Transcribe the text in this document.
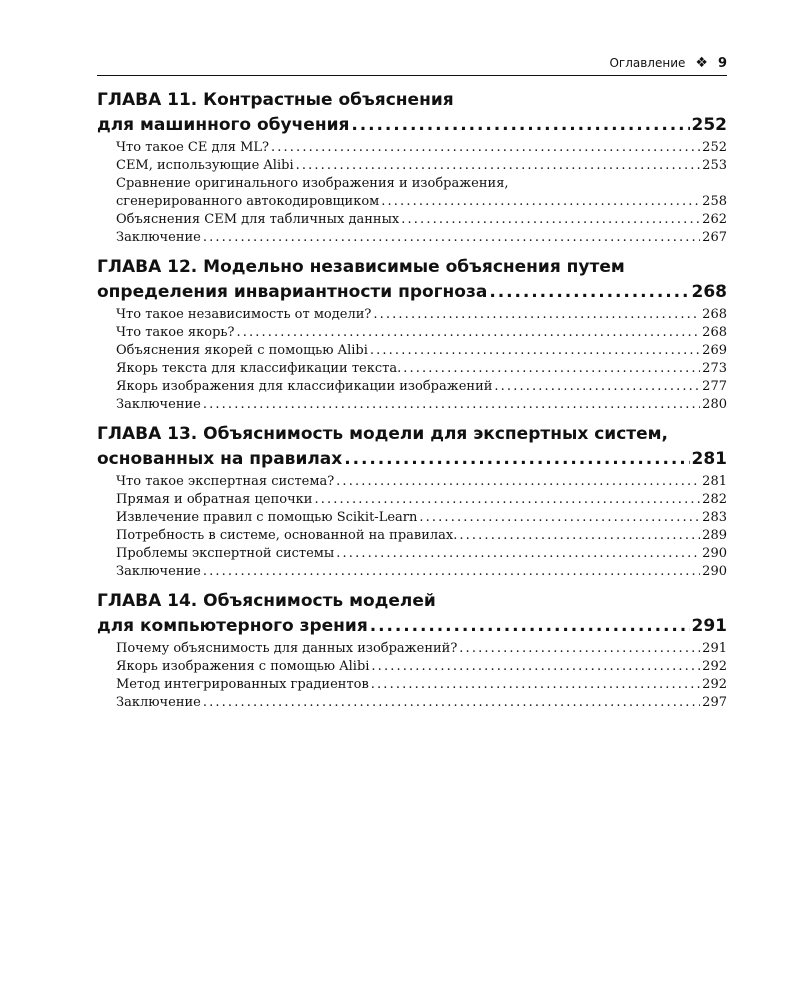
Оглавление ❖ 9
ГЛАВА 11. Контрастные объяснения
для машинного обучения . . .	252
Что такое CE для ML? . . .	252
CEM, использующие Alibi . . .	253
Сравнение оригинального изображения и изображения,
сгенерированного автокодировщиком . . .	258
Объяснения CEM для табличных данных . . .	262
Заключение . . .	267
ГЛАВА 12. Модельно независимые объяснения путем
определения инвариантности прогноза . . .	268
Что такое независимость от модели? . . .	268
Что такое якорь? . . .	268
Объяснения якорей с помощью Alibi . . .	269
Якорь текста для классификации текста. . . .	273
Якорь изображения для классификации изображений . . .	277
Заключение . . .	280
ГЛАВА 13. Объяснимость модели для экспертных систем,
основанных на правилах . . .	281
Что такое экспертная система? . . .	281
Прямая и обратная цепочки . . .	282
Извлечение правил с помощью Scikit-Learn . . .	283
Потребность в системе, основанной на правилах. . . .	289
Проблемы экспертной системы . . .	290
Заключение . . .	290
ГЛАВА 14. Объяснимость моделей
для компьютерного зрения . . .	291
Почему объяснимость для данных изображений? . . .	291
Якорь изображения с помощью Alibi . . .	292
Метод интегрированных градиентов . . .	292
Заключение . . .	297
